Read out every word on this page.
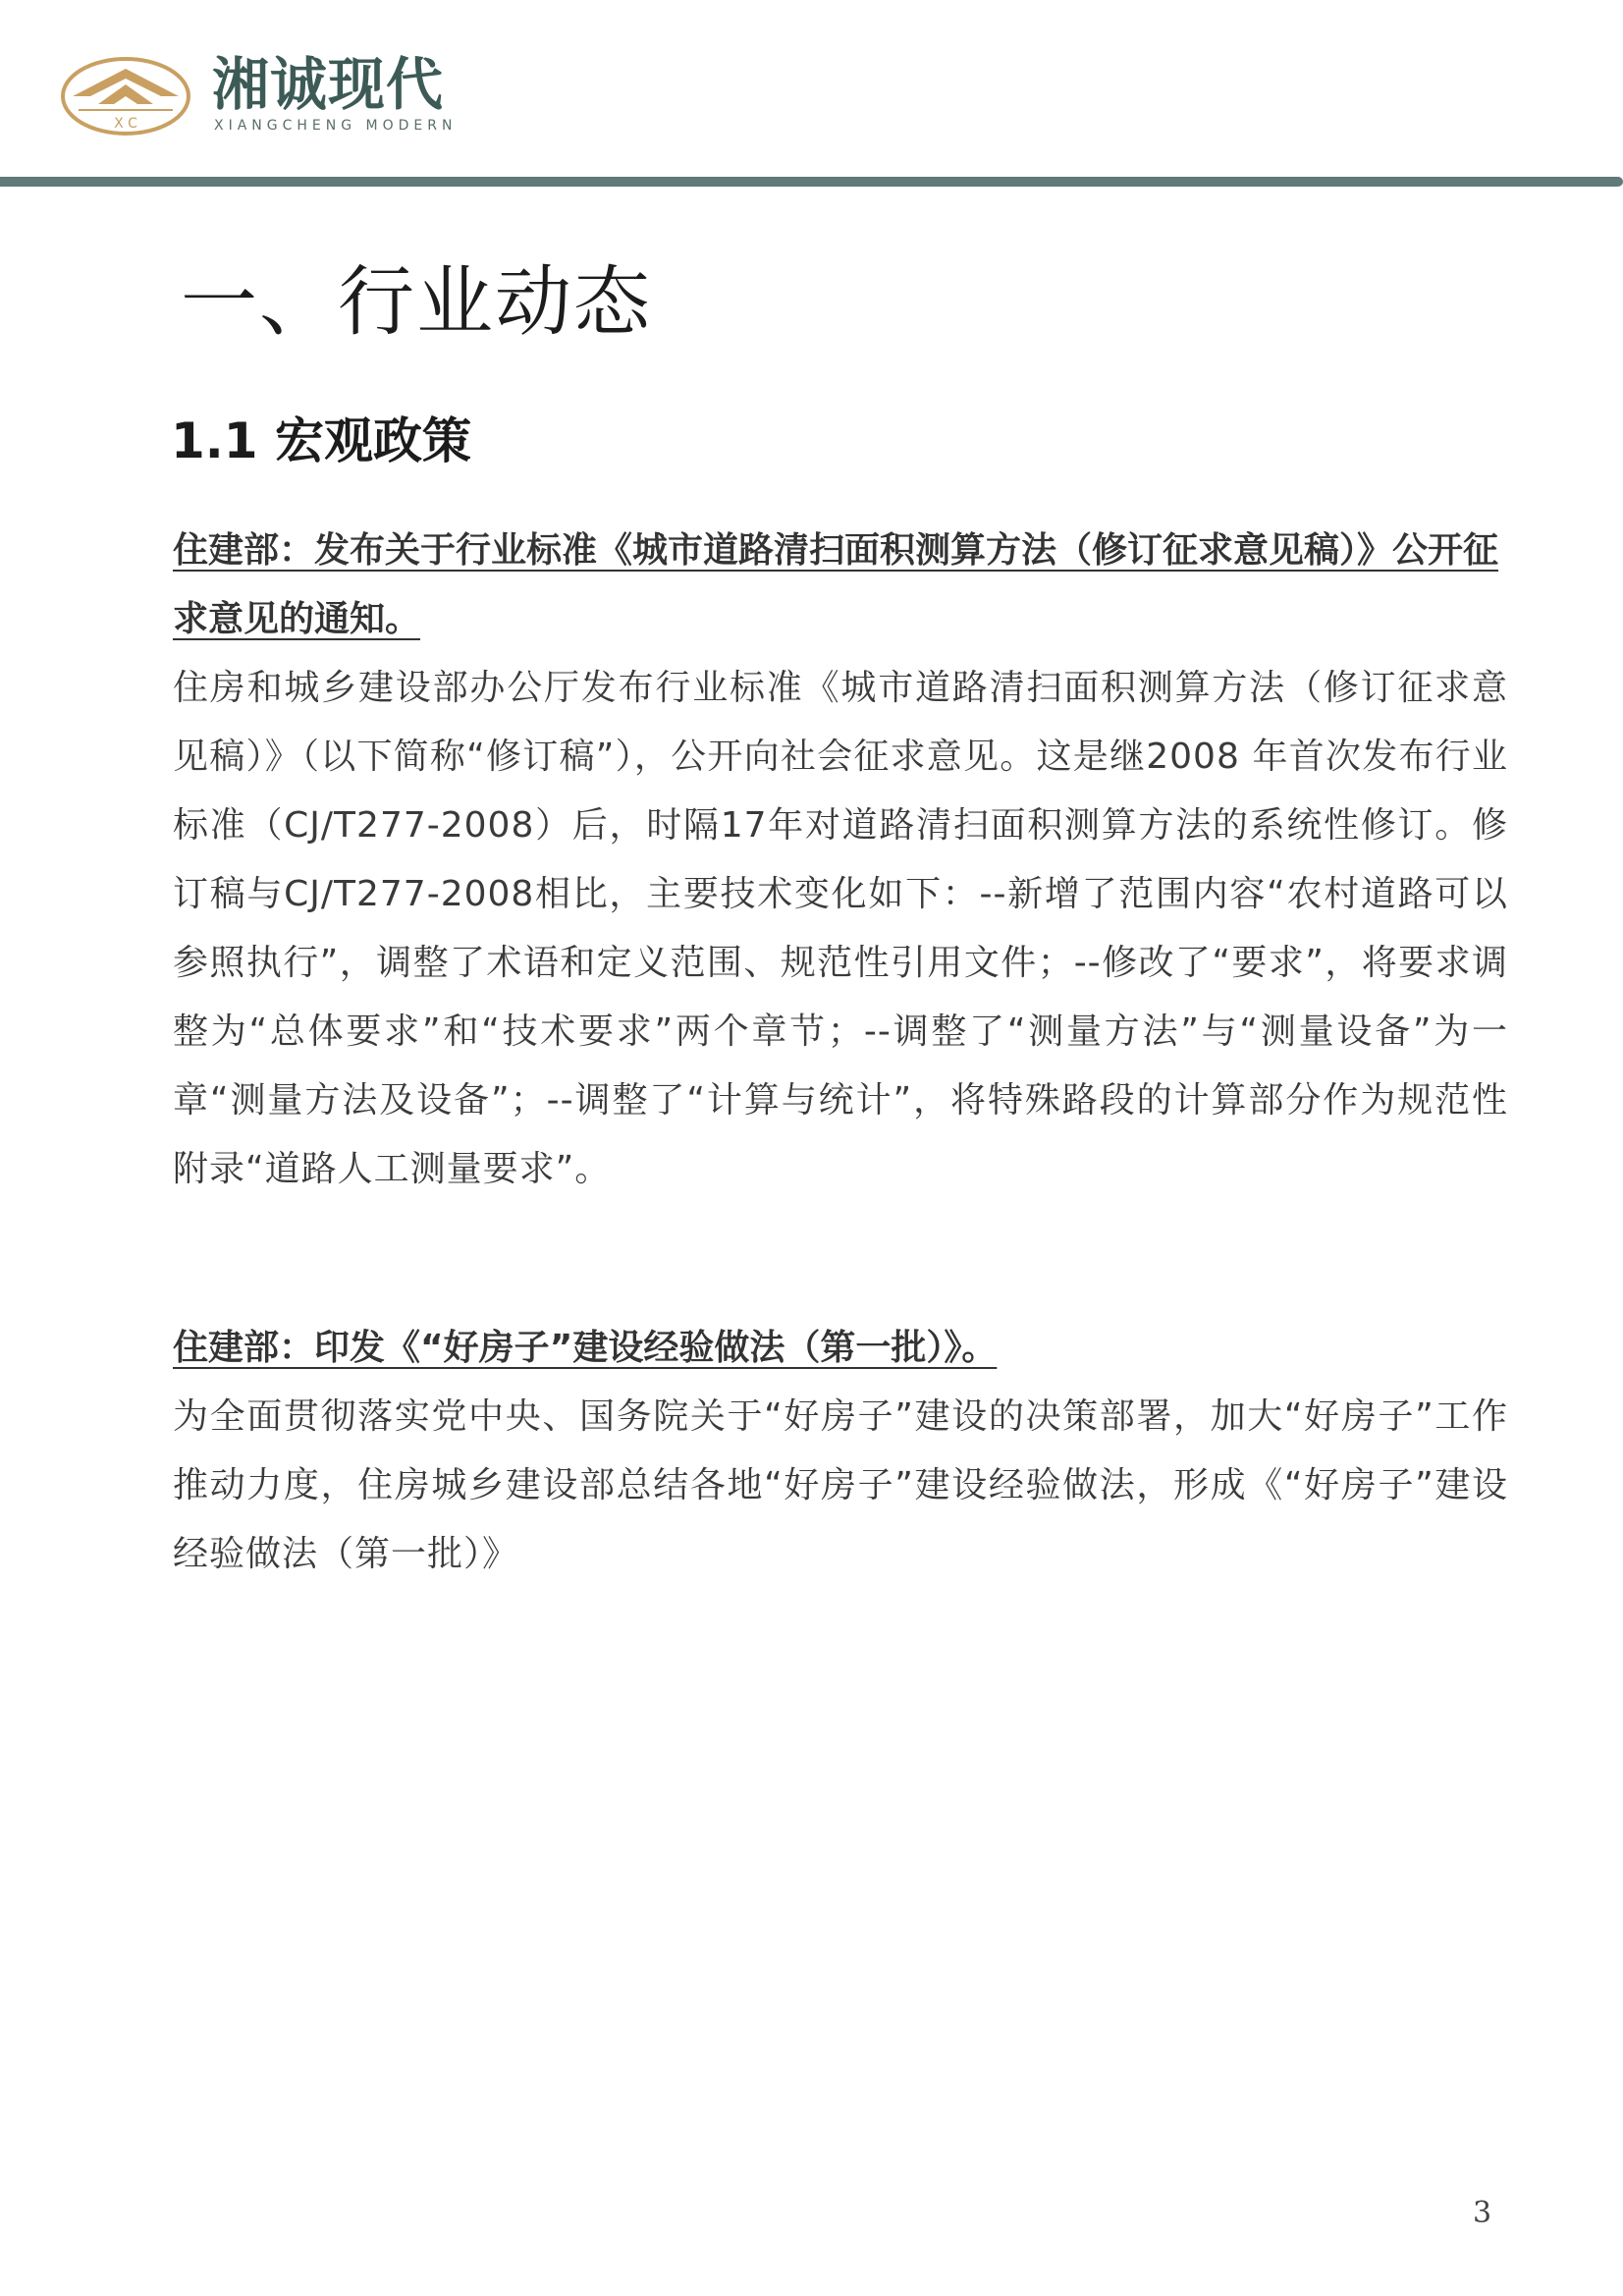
X C
湘诚现代
XIANGCHENG MODERN
一、行业动态
1.1 宏观政策
住建部：发布关于行业标准《城市道路清扫面积测算方法（修订征求意见稿）》公开征求意见的通知。
住房和城乡建设部办公厅发布行业标准《城市道路清扫面积测算方法（修订征求意见稿）》（以下简称“修订稿”），公开向社会征求意见。这是继2008 年首次发布行业标准（CJ/T277-2008）后，时隔17年对道路清扫面积测算方法的系统性修订。修订稿与CJ/T277-2008相比，主要技术变化如下：--新增了范围内容“农村道路可以参照执行”，调整了术语和定义范围、规范性引用文件；--修改了“要求”，将要求调整为“总体要求”和“技术要求”两个章节；--调整了“测量方法”与“测量设备”为一章“测量方法及设备”；--调整了“计算与统计”，将特殊路段的计算部分作为规范性附录“道路人工测量要求”。
住建部：印发《“好房子”建设经验做法（第一批）》。
为全面贯彻落实党中央、国务院关于“好房子”建设的决策部署，加大“好房子”工作推动力度，住房城乡建设部总结各地“好房子”建设经验做法，形成《“好房子”建设经验做法（第一批）》
3
